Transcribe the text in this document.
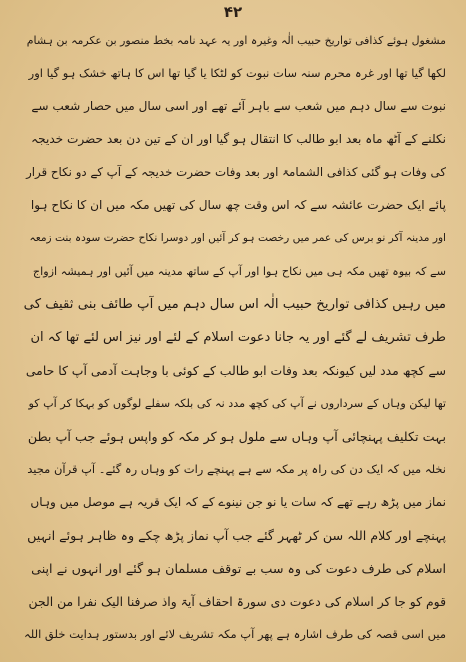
۴۲
مشغول ہوئے کذافی تواریخ حبیب الٰہ وغیرہ اور یہ عہد نامہ بخط منصور بن عکرمہ بن ہشام
لکھا گیا تھا اور غرہ محرم سنہ سات نبوت کو لٹکا یا گیا تھا اس کا ہاتھ خشک ہو گیا اور
نبوت سے سال دہم میں شعب سے باہر آئے تھے اور اسی سال میں حصار شعب سے
نکلنے کے آٹھ ماہ بعد ابو طالب کا انتقال ہو گیا اور ان کے تین دن بعد حضرت خدیجہ
کی وفات ہو گئی کذافی الشمامۃ اور بعد وفات حضرت خدیجہ کے آپ کے دو نکاح قرار
پائے ایک حضرت عائشہ سے کہ اس وقت چھ سال کی تھیں مکہ میں ان کا نکاح ہوا
اور مدینہ آکر نو برس کی عمر میں رخصت ہو کر آئیں اور دوسرا نکاح حضرت سودہ بنت زمعہ
سے کہ بیوہ تھیں مکہ ہی میں نکاح ہوا اور آپ کے ساتھ مدینہ میں آئیں اور ہمیشہ ازواج
میں رہیں کذافی تواریخ حبیب الٰہ اس سال دہم میں آپ طائف بنی ثقیف کی
طرف تشریف لے گئے اور یہ جانا دعوت اسلام کے لئے اور نیز اس لئے تھا کہ ان
سے کچھ مدد لیں کیونکہ بعد وفات ابو طالب کے کوئی با وجاہت آدمی آپ کا حامی
تھا لیکن وہاں کے سرداروں نے آپ کی کچھ مدد نہ کی بلکہ سفلے لوگوں کو بہکا کر آپ کو
بہت تکلیف پہنچائی آپ وہاں سے ملول ہو کر مکہ کو واپس ہوئے جب آپ بطن
نخلہ میں کہ ایک دن کی راہ پر مکہ سے ہے پہنچے رات کو وہاں رہ گئے۔ آپ قرآن مجید
نماز میں پڑھ رہے تھے کہ سات یا نو جن نینوے کے کہ ایک قریہ ہے موصل میں وہاں
پہنچے اور کلام اللہ سن کر ٹھہر گئے جب آپ نماز پڑھ چکے وہ ظاہر ہوئے انہیں
اسلام کی طرف دعوت کی وہ سب بے توقف مسلمان ہو گئے اور انہوں نے اپنی
قوم کو جا کر اسلام کی دعوت دی سورۃ احقاف آیۃ واذ صرفنا الیک نفرا من الجن
میں اسی قصہ کی طرف اشارہ ہے پھر آپ مکہ تشریف لائے اور بدستور ہدایت خلق اللہ
